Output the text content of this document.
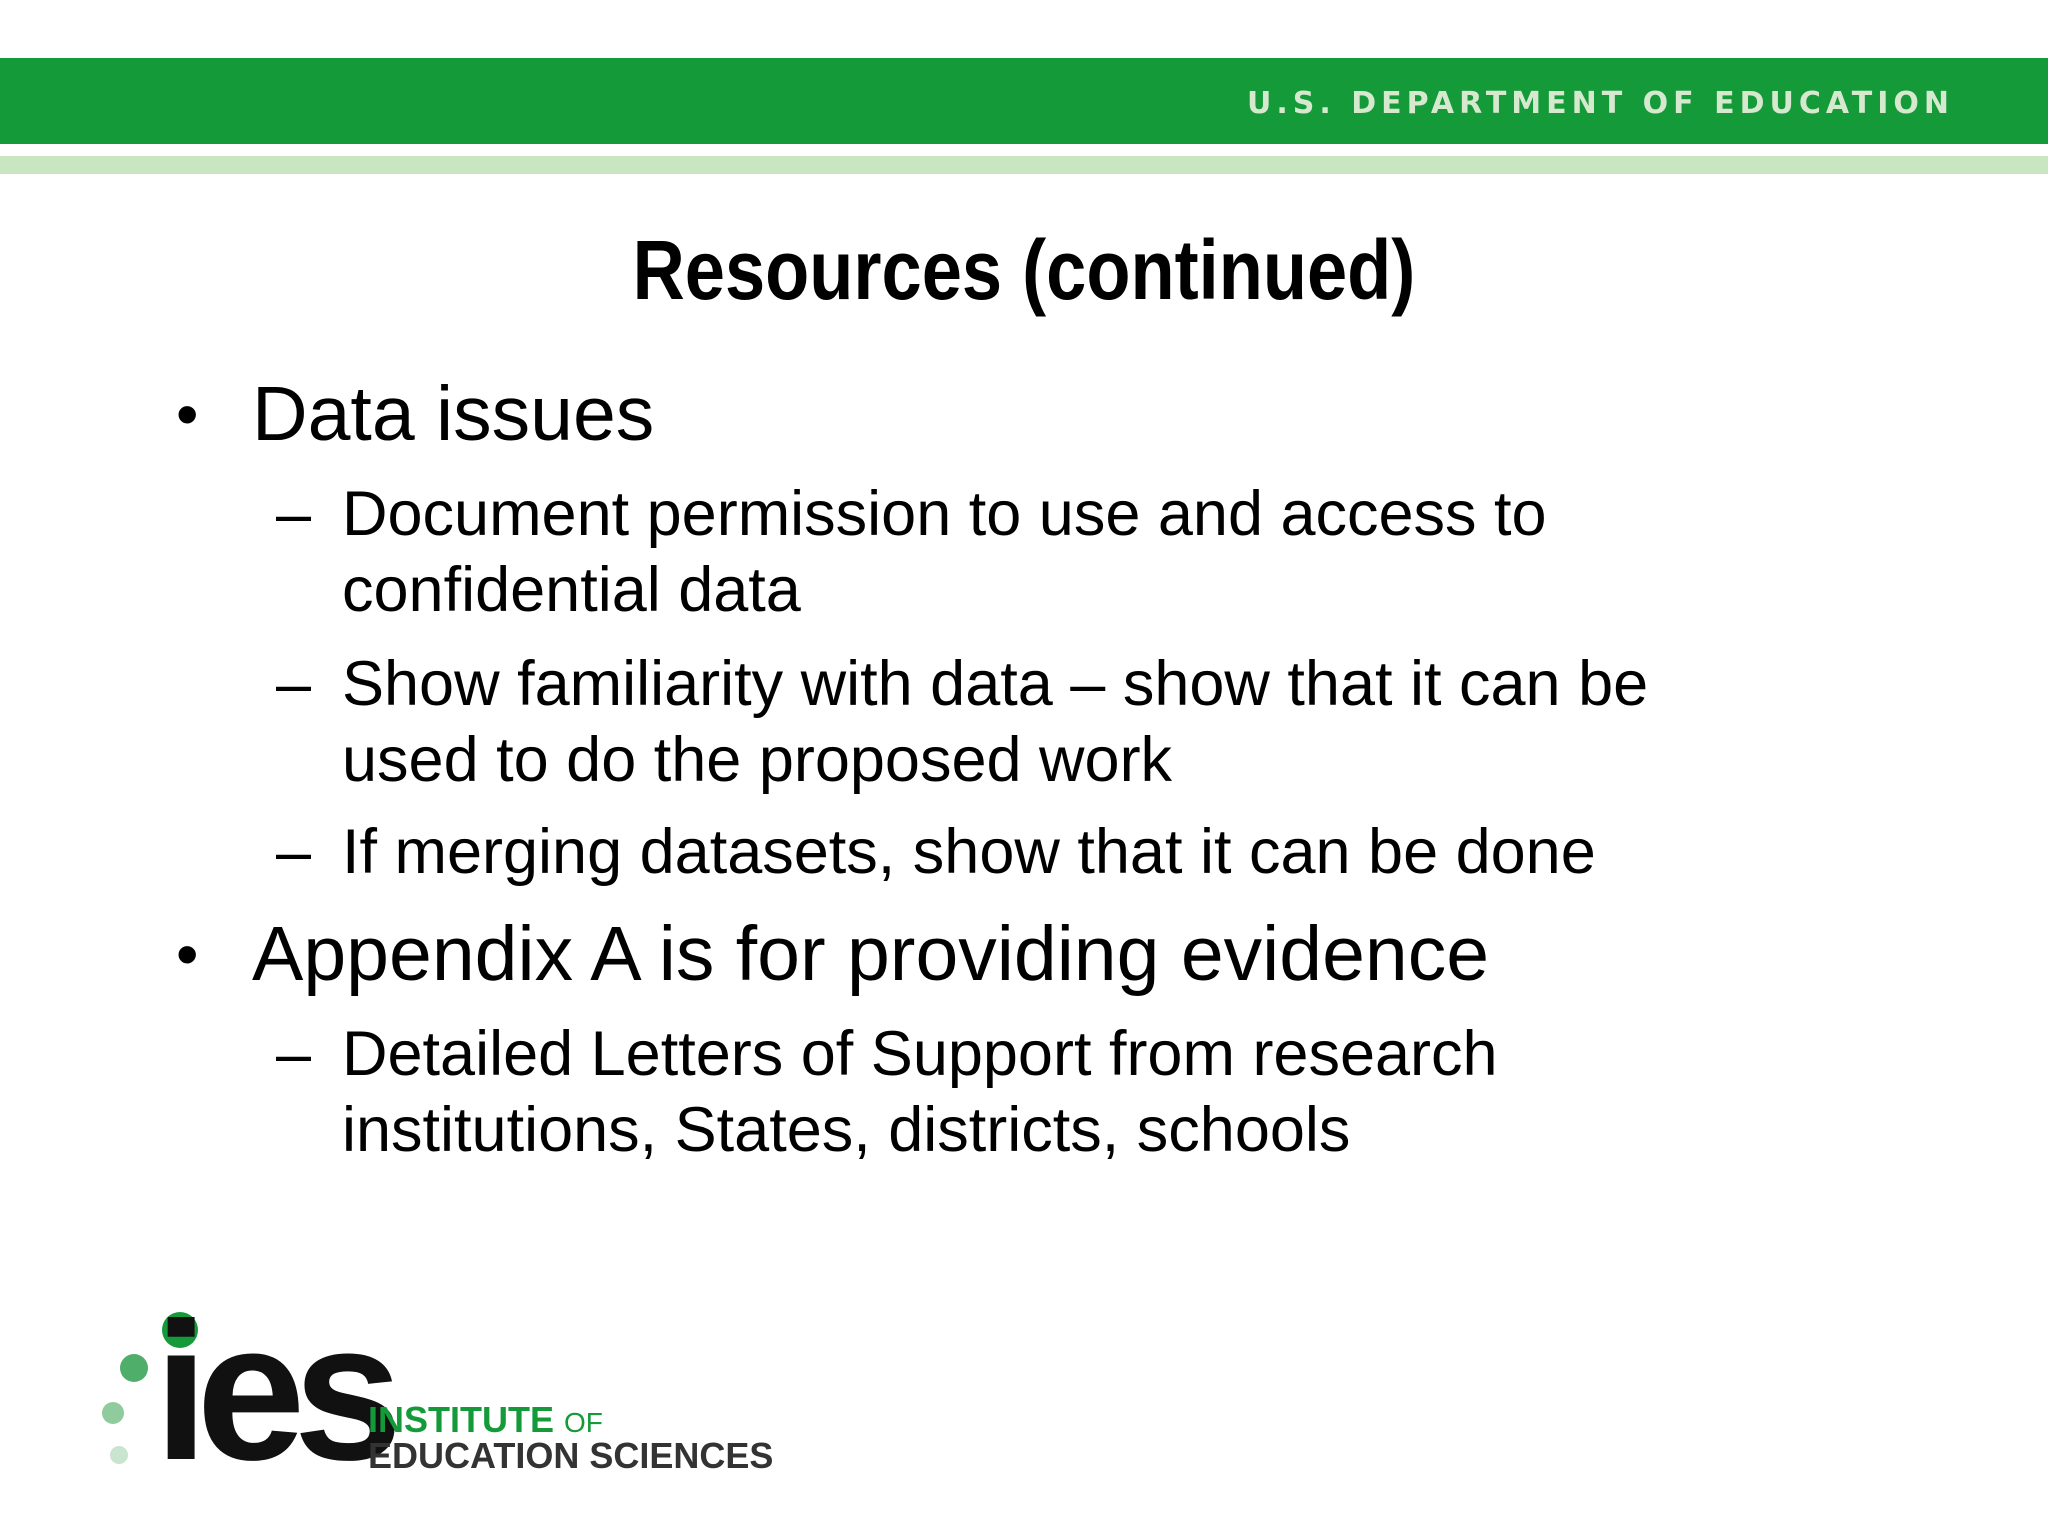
U.S. DEPARTMENT OF EDUCATION
Resources (continued)
• Data issues
– Document permission to use and access to
confidential data
– Show familiarity with data – show that it can be
used to do the proposed work
– If merging datasets, show that it can be done
• Appendix A is for providing evidence
– Detailed Letters of Support from research
institutions, States, districts, schools
ies
INSTITUTE OF
EDUCATION SCIENCES
